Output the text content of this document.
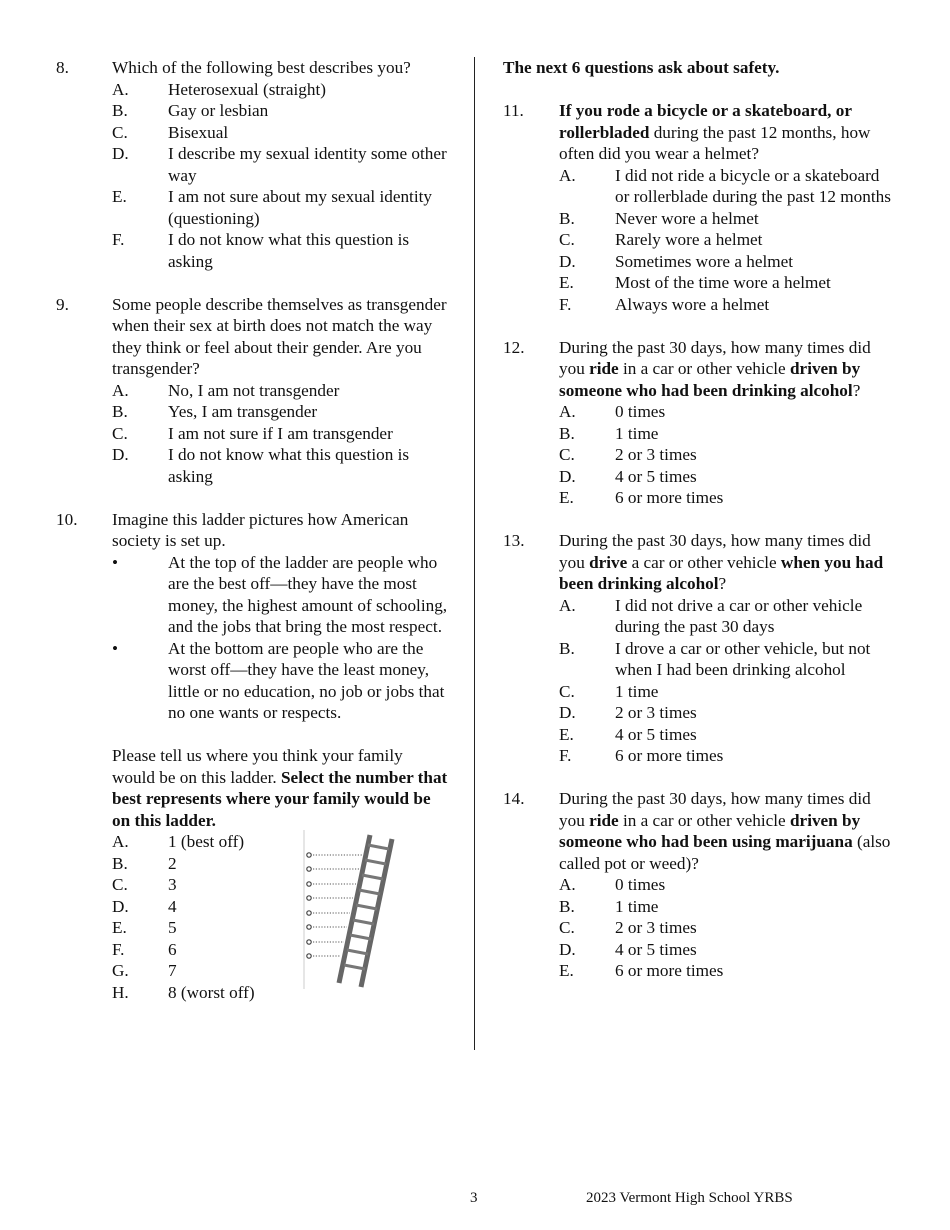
8.	Which of the following best describes you?
A. Heterosexual (straight)
B. Gay or lesbian
C. Bisexual
D. I describe my sexual identity some other way
E. I am not sure about my sexual identity (questioning)
F.	I do not know what this question is asking
9.	Some people describe themselves as transgender when their sex at birth does not match the way they think or feel about their gender. Are you transgender?
A. No, I am not transgender
B. Yes, I am transgender
C. I am not sure if I am transgender
D. I do not know what this question is asking
10. Imagine this ladder pictures how American society is set up.
•	At the top of the ladder are people who are the best off—they have the most money, the highest amount of schooling, and the jobs that bring the most respect.
•	At the bottom are people who are the worst off—they have the least money, little or no education, no job or jobs that no one wants or respects.
Please tell us where you think your family would be on this ladder. Select the number that best represents where your family would be on this ladder.
A. 1 (best off)
B. 2
C. 3
D. 4
E. 5
F.	6
G. 7
H. 8 (worst off)
The next 6 questions ask about safety.
11. If you rode a bicycle or a skateboard, or rollerbladed during the past 12 months, how often did you wear a helmet?
A. I did not ride a bicycle or a skateboard or rollerblade during the past 12 months
B. Never wore a helmet
C. Rarely wore a helmet
D. Sometimes wore a helmet
E. Most of the time wore a helmet
F.	Always wore a helmet
12. During the past 30 days, how many times did you ride in a car or other vehicle driven by someone who had been drinking alcohol?
A. 0 times
B. 1 time
C. 2 or 3 times
D. 4 or 5 times
E. 6 or more times
13. During the past 30 days, how many times did you drive a car or other vehicle when you had been drinking alcohol?
A. I did not drive a car or other vehicle during the past 30 days
B. I drove a car or other vehicle, but not when I had been drinking alcohol
C. 1 time
D. 2 or 3 times
E. 4 or 5 times
F.	6 or more times
14. During the past 30 days, how many times did you ride in a car or other vehicle driven by someone who had been using marijuana (also called pot or weed)?
A. 0 times
B. 1 time
C. 2 or 3 times
D. 4 or 5 times
E. 6 or more times
3	2023 Vermont High School YRBS
